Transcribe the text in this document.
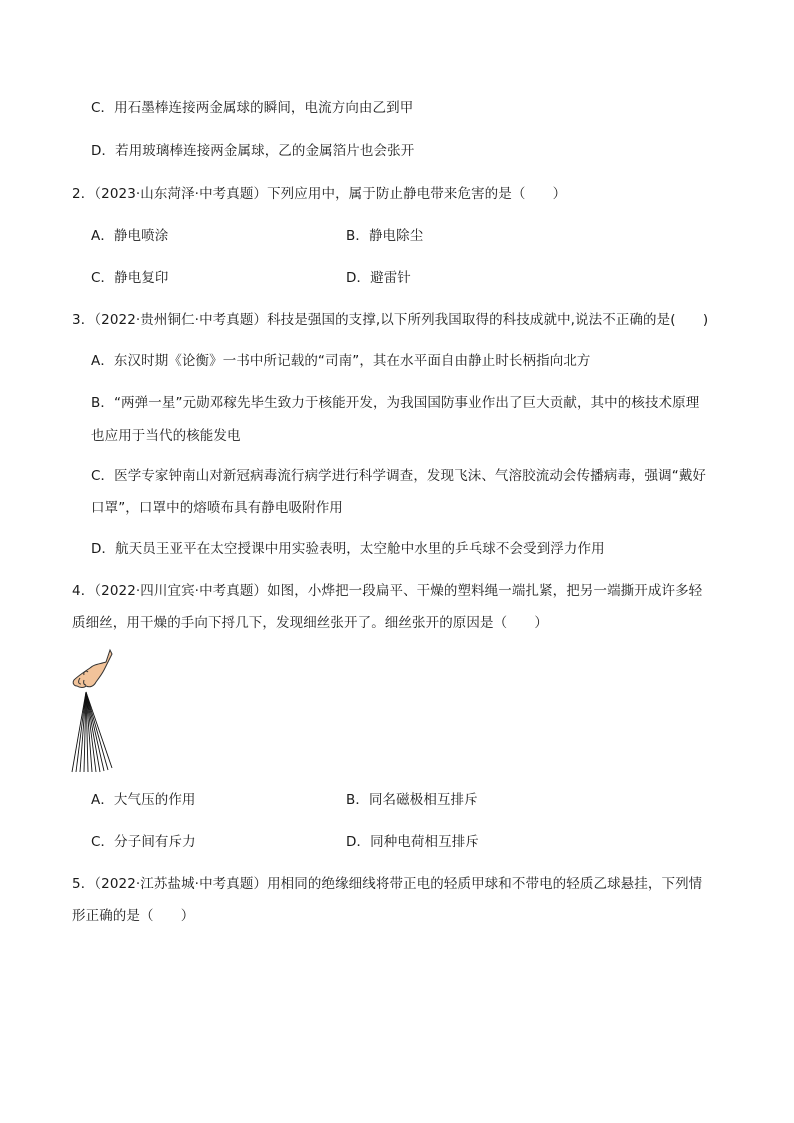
C．用石墨棒连接两金属球的瞬间，电流方向由乙到甲
D．若用玻璃棒连接两金属球，乙的金属箔片也会张开
2．（2023·山东菏泽·中考真题）下列应用中，属于防止静电带来危害的是（　　）
A．静电喷涂	B．静电除尘
C．静电复印	D．避雷针
3．（2022·贵州铜仁·中考真题）科技是强国的支撑,以下所列我国取得的科技成就中,说法不正确的是(　　)
A．东汉时期《论衡》一书中所记载的“司南”，其在水平面自由静止时长柄指向北方
B．“两弹一星”元勋邓稼先毕生致力于核能开发，为我国国防事业作出了巨大贡献，其中的核技术原理
也应用于当代的核能发电
C．医学专家钟南山对新冠病毒流行病学进行科学调查，发现飞沫、气溶胶流动会传播病毒，强调“戴好
口罩”，口罩中的熔喷布具有静电吸附作用
D．航天员王亚平在太空授课中用实验表明，太空舱中水里的乒乓球不会受到浮力作用
4．（2022·四川宜宾·中考真题）如图，小烨把一段扁平、干燥的塑料绳一端扎紧，把另一端撕开成许多轻
质细丝，用干燥的手向下捋几下，发现细丝张开了。细丝张开的原因是（　　）
A．大气压的作用	B．同名磁极相互排斥
C．分子间有斥力	D．同种电荷相互排斥
5．（2022·江苏盐城·中考真题）用相同的绝缘细线将带正电的轻质甲球和不带电的轻质乙球悬挂，下列情
形正确的是（　　）
